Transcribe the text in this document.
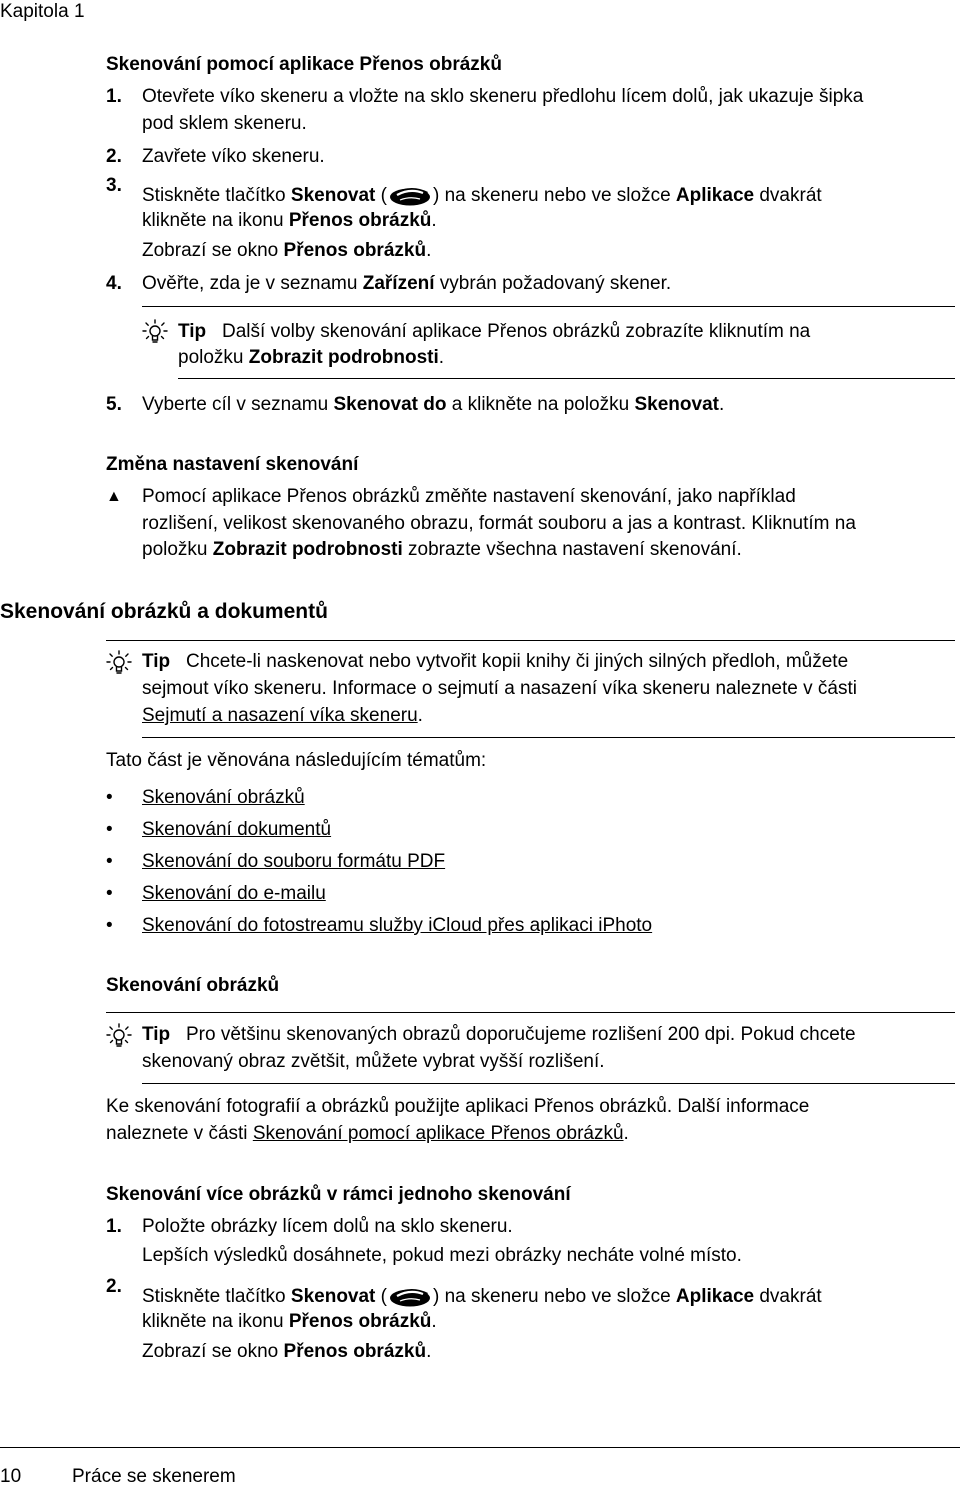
Kapitola 1
Skenování pomocí aplikace Přenos obrázků
1. Otevřete víko skeneru a vložte na sklo skeneru předlohu lícem dolů, jak ukazuje šipka
pod sklem skeneru.
2. Zavřete víko skeneru.
3. Stiskněte tlačítko Skenovat ( ) na skeneru nebo ve složce Aplikace dvakrát
klikněte na ikonu Přenos obrázků.
Zobrazí se okno Přenos obrázků.
4. Ověřte, zda je v seznamu Zařízení vybrán požadovaný skener.
Tip Další volby skenování aplikace Přenos obrázků zobrazíte kliknutím na
položku Zobrazit podrobnosti.
5. Vyberte cíl v seznamu Skenovat do a klikněte na položku Skenovat.
Změna nastavení skenování
▲ Pomocí aplikace Přenos obrázků změňte nastavení skenování, jako například
rozlišení, velikost skenovaného obrazu, formát souboru a jas a kontrast. Kliknutím na
položku Zobrazit podrobnosti zobrazte všechna nastavení skenování.
Skenování obrázků a dokumentů
Tip Chcete-li naskenovat nebo vytvořit kopii knihy či jiných silných předloh, můžete
sejmout víko skeneru. Informace o sejmutí a nasazení víka skeneru naleznete v části
Sejmutí a nasazení víka skeneru.
Tato část je věnována následujícím tématům:
• Skenování obrázků
• Skenování dokumentů
• Skenování do souboru formátu PDF
• Skenování do e-mailu
• Skenování do fotostreamu služby iCloud přes aplikaci iPhoto
Skenování obrázků
Tip Pro většinu skenovaných obrazů doporučujeme rozlišení 200 dpi. Pokud chcete
skenovaný obraz zvětšit, můžete vybrat vyšší rozlišení.
Ke skenování fotografií a obrázků použijte aplikaci Přenos obrázků. Další informace
naleznete v části Skenování pomocí aplikace Přenos obrázků.
Skenování více obrázků v rámci jednoho skenování
1. Položte obrázky lícem dolů na sklo skeneru.
Lepších výsledků dosáhnete, pokud mezi obrázky necháte volné místo.
2. Stiskněte tlačítko Skenovat ( ) na skeneru nebo ve složce Aplikace dvakrát
klikněte na ikonu Přenos obrázků.
Zobrazí se okno Přenos obrázků.
10	Práce se skenerem
